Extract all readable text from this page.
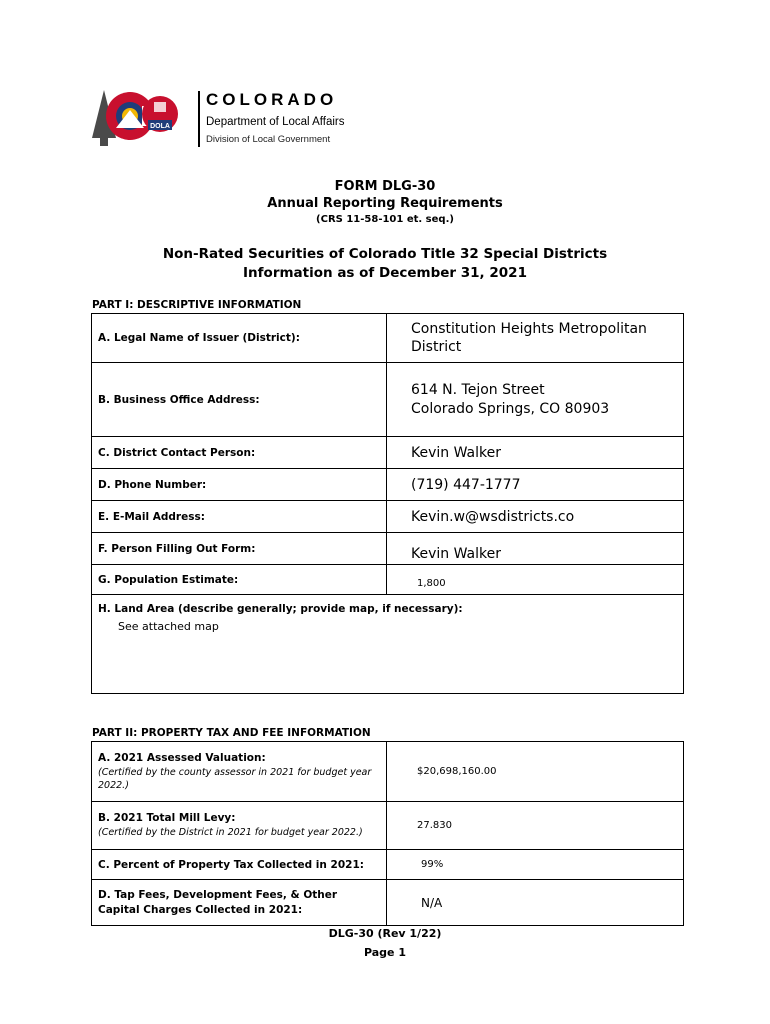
DOLA
COLORADO
Department of Local Affairs
Division of Local Government
FORM DLG-30
Annual Reporting Requirements
(CRS 11-58-101 et. seq.)
Non-Rated Securities of Colorado Title 32 Special Districts
Information as of December 31, 2021
PART I: DESCRIPTIVE INFORMATION
A. Legal Name of Issuer (District):	Constitution Heights Metropolitan District
B. Business Office Address:	614 N. Tejon Street
Colorado Springs, CO 80903

C. District Contact Person:	Kevin Walker
D. Phone Number:	(719) 447-1777
E. E-Mail Address:	Kevin.w@wsdistricts.co
F. Person Filling Out Form:	Kevin Walker
G. Population Estimate:	1,800
H. Land Area (describe generally; provide map, if necessary):
See attached map	
PART II: PROPERTY TAX AND FEE INFORMATION
A. 2021 Assessed Valuation:
(Certified by the county assessor in 2021 for budget year 2022.)	$20,698,160.00
B. 2021 Total Mill Levy:
(Certified by the District in 2021 for budget year 2022.)	27.830
C. Percent of Property Tax Collected in 2021:	99%
D. Tap Fees, Development Fees, & Other Capital Charges Collected in 2021:	N/A
DLG-30 (Rev 1/22)
Page 1
